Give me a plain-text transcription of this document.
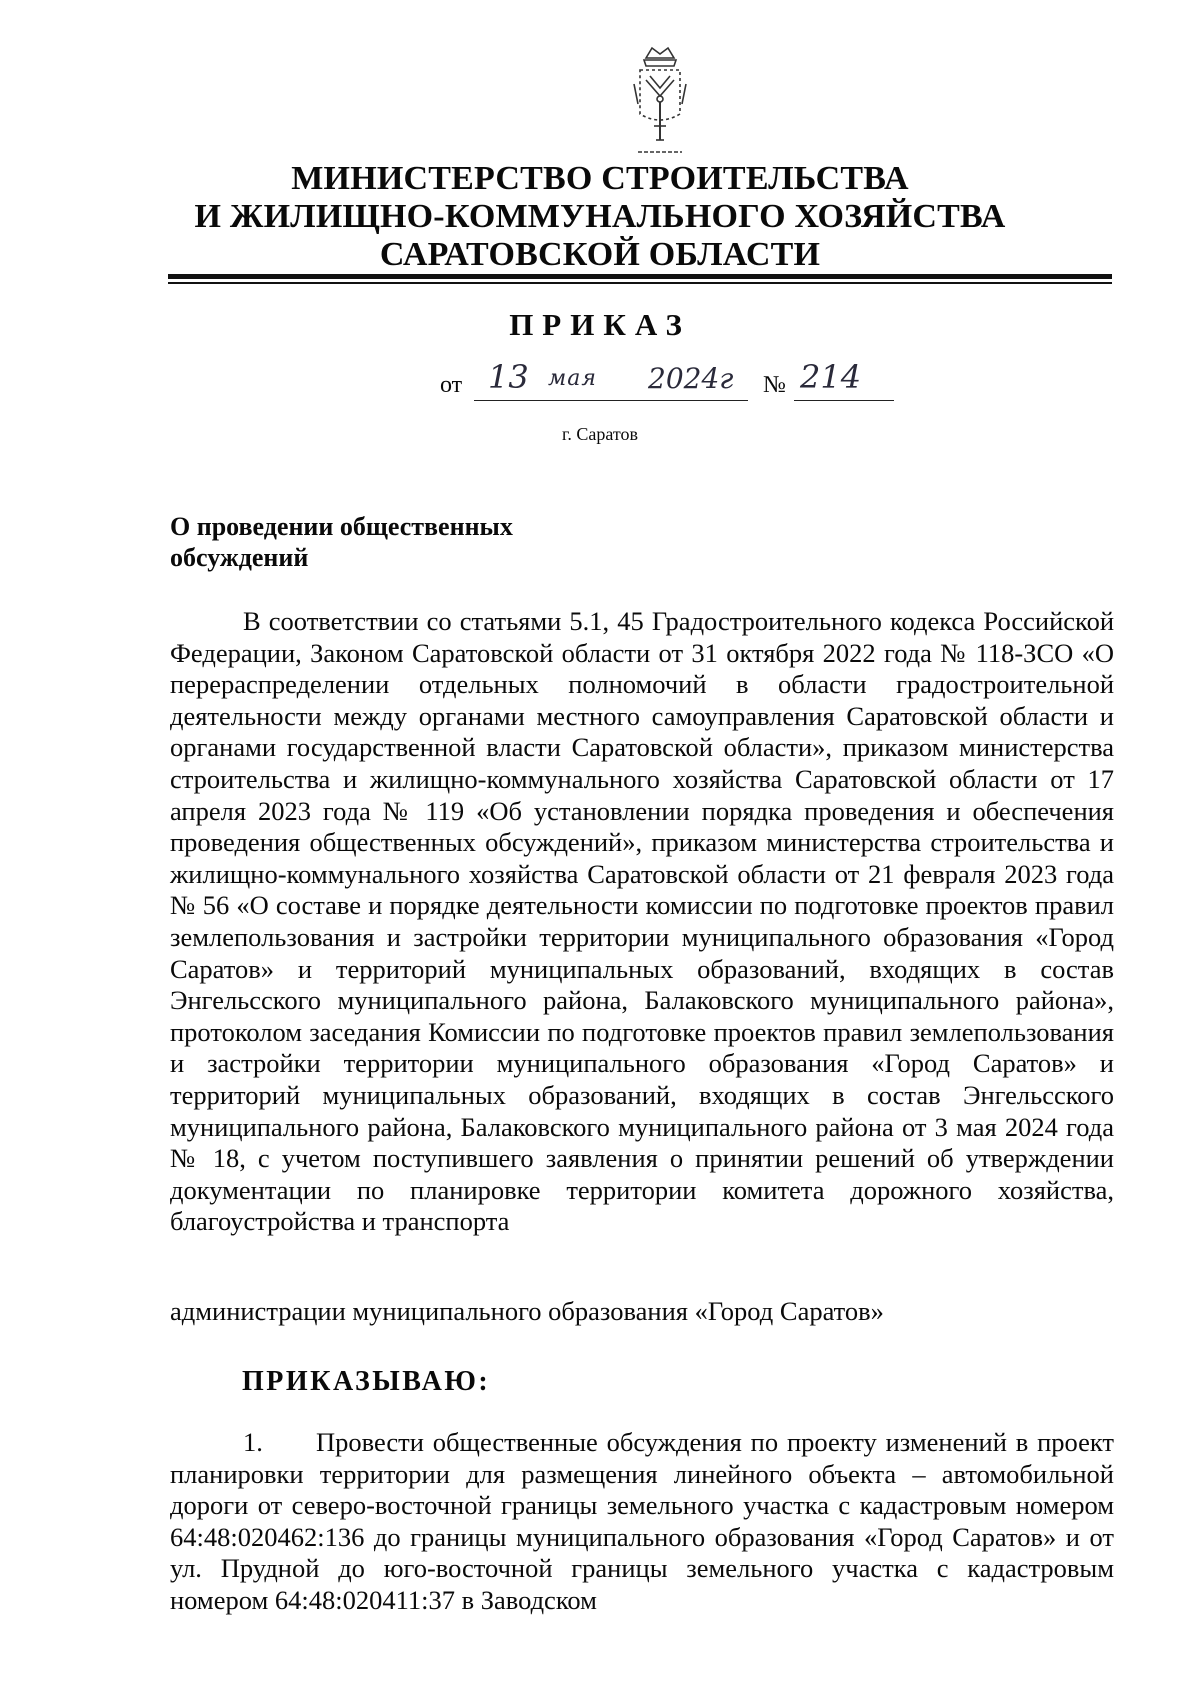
МИНИСТЕРСТВО СТРОИТЕЛЬСТВА
И ЖИЛИЩНО-КОММУНАЛЬНОГО ХОЗЯЙСТВА
САРАТОВСКОЙ ОБЛАСТИ
ПРИКАЗ
от 13 мая 2024г № 214
г. Саратов
О проведении общественных
обсуждений
В соответствии со статьями 5.1, 45 Градостроительного кодекса Российской Федерации, Законом Саратовской области от 31 октября 2022 года № 118-ЗСО «О перераспределении отдельных полномочий в области градостроительной деятельности между органами местного самоуправления Саратовской области и органами государственной власти Саратовской области», приказом министерства строительства и жилищно-коммунального хозяйства Саратовской области от 17 апреля 2023 года № 119 «Об установлении порядка проведения и обеспечения проведения общественных обсуждений», приказом министерства строительства и жилищно-коммунального хозяйства Саратовской области от 21 февраля 2023 года № 56 «О составе и порядке деятельности комиссии по подготовке проектов правил землепользования и застройки территории муниципального образования «Город Саратов» и территорий муниципальных образований, входящих в состав Энгельсского муниципального района, Балаковского муниципального района», протоколом заседания Комиссии по подготовке проектов правил землепользования и застройки территории муниципального образования «Город Саратов» и территорий муниципальных образований, входящих в состав Энгельсского муниципального района, Балаковского муниципального района от 3 мая 2024 года № 18, с учетом поступившего заявления о принятии решений об утверждении документации по планировке территории комитета дорожного хозяйства, благоустройства и транспорта
администрации муниципального образования «Город Саратов»
ПРИКАЗЫВАЮ:
1.	Провести общественные обсуждения по проекту изменений в проект планировки территории для размещения линейного объекта – автомобильной дороги от северо-восточной границы земельного участка с кадастровым номером 64:48:020462:136 до границы муниципального образования «Город Саратов» и от ул. Прудной до юго-восточной границы земельного участка с кадастровым номером 64:48:020411:37 в Заводском
